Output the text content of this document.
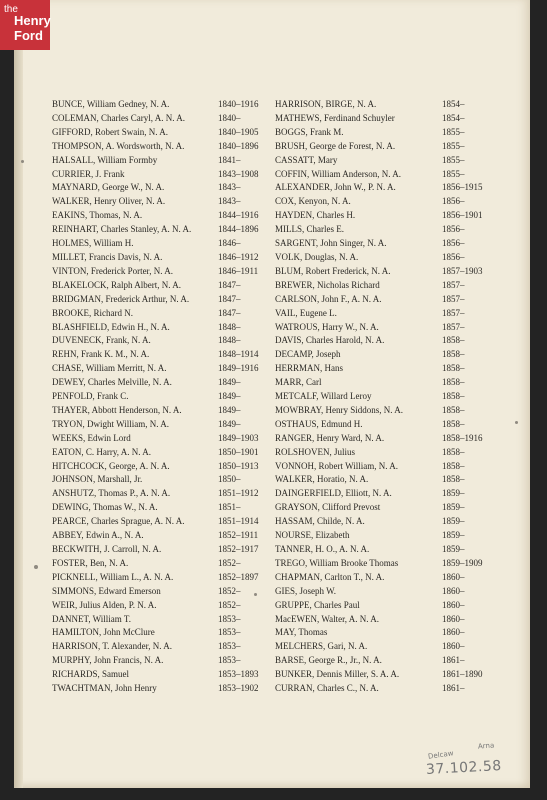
the
Henry
Ford
BUNCE, William Gedney, N. A.	1840–1916
COLEMAN, Charles Caryl, A. N. A.	1840–
GIFFORD, Robert Swain, N. A.	1840–1905
THOMPSON, A. Wordsworth, N. A.	1840–1896
HALSALL, William Formby	1841–
CURRIER, J. Frank	1843–1908
MAYNARD, George W., N. A.	1843–
WALKER, Henry Oliver, N. A.	1843–
EAKINS, Thomas, N. A.	1844–1916
REINHART, Charles Stanley, A. N. A.	1844–1896
HOLMES, William H.	1846–
MILLET, Francis Davis, N. A.	1846–1912
VINTON, Frederick Porter, N. A.	1846–1911
BLAKELOCK, Ralph Albert, N. A.	1847–
BRIDGMAN, Frederick Arthur, N. A.	1847–
BROOKE, Richard N.	1847–
BLASHFIELD, Edwin H., N. A.	1848–
DUVENECK, Frank, N. A.	1848–
REHN, Frank K. M., N. A.	1848–1914
CHASE, William Merritt, N. A.	1849–1916
DEWEY, Charles Melville, N. A.	1849–
PENFOLD, Frank C.	1849–
THAYER, Abbott Henderson, N. A.	1849–
TRYON, Dwight William, N. A.	1849–
WEEKS, Edwin Lord	1849–1903
EATON, C. Harry, A. N. A.	1850–1901
HITCHCOCK, George, A. N. A.	1850–1913
JOHNSON, Marshall, Jr.	1850–
ANSHUTZ, Thomas P., A. N. A.	1851–1912
DEWING, Thomas W., N. A.	1851–
PEARCE, Charles Sprague, A. N. A.	1851–1914
ABBEY, Edwin A., N. A.	1852–1911
BECKWITH, J. Carroll, N. A.	1852–1917
FOSTER, Ben, N. A.	1852–
PICKNELL, William L., A. N. A.	1852–1897
SIMMONS, Edward Emerson	1852–
WEIR, Julius Alden, P. N. A.	1852–
DANNET, William T.	1853–
HAMILTON, John McClure	1853–
HARRISON, T. Alexander, N. A.	1853–
MURPHY, John Francis, N. A.	1853–
RICHARDS, Samuel	1853–1893
TWACHTMAN, John Henry	1853–1902
HARRISON, BIRGE, N. A.	1854–
MATHEWS, Ferdinand Schuyler	1854–
BOGGS, Frank M.	1855–
BRUSH, George de Forest, N. A.	1855–
CASSATT, Mary	1855–
COFFIN, William Anderson, N. A.	1855–
ALEXANDER, John W., P. N. A.	1856–1915
COX, Kenyon, N. A.	1856–
HAYDEN, Charles H.	1856–1901
MILLS, Charles E.	1856–
SARGENT, John Singer, N. A.	1856–
VOLK, Douglas, N. A.	1856–
BLUM, Robert Frederick, N. A.	1857–1903
BREWER, Nicholas Richard	1857–
CARLSON, John F., A. N. A.	1857–
VAIL, Eugene L.	1857–
WATROUS, Harry W., N. A.	1857–
DAVIS, Charles Harold, N. A.	1858–
DECAMP, Joseph	1858–
HERRMAN, Hans	1858–
MARR, Carl	1858–
METCALF, Willard Leroy	1858–
MOWBRAY, Henry Siddons, N. A.	1858–
OSTHAUS, Edmund H.	1858–
RANGER, Henry Ward, N. A.	1858–1916
ROLSHOVEN, Julius	1858–
VONNOH, Robert William, N. A.	1858–
WALKER, Horatio, N. A.	1858–
DAINGERFIELD, Elliott, N. A.	1859–
GRAYSON, Clifford Prevost	1859–
HASSAM, Childe, N. A.	1859–
NOURSE, Elizabeth	1859–
TANNER, H. O., A. N. A.	1859–
TREGO, William Brooke Thomas	1859–1909
CHAPMAN, Carlton T., N. A.	1860–
GIES, Joseph W.	1860–
GRUPPE, Charles Paul	1860–
MacEWEN, Walter, A. N. A.	1860–
MAY, Thomas	1860–
MELCHERS, Gari, N. A.	1860–
BARSE, George R., Jr., N. A.	1861–
BUNKER, Dennis Miller, S. A. A.	1861–1890
CURRAN, Charles C., N. A.	1861–
Delcaw
Arna
37.102.58
